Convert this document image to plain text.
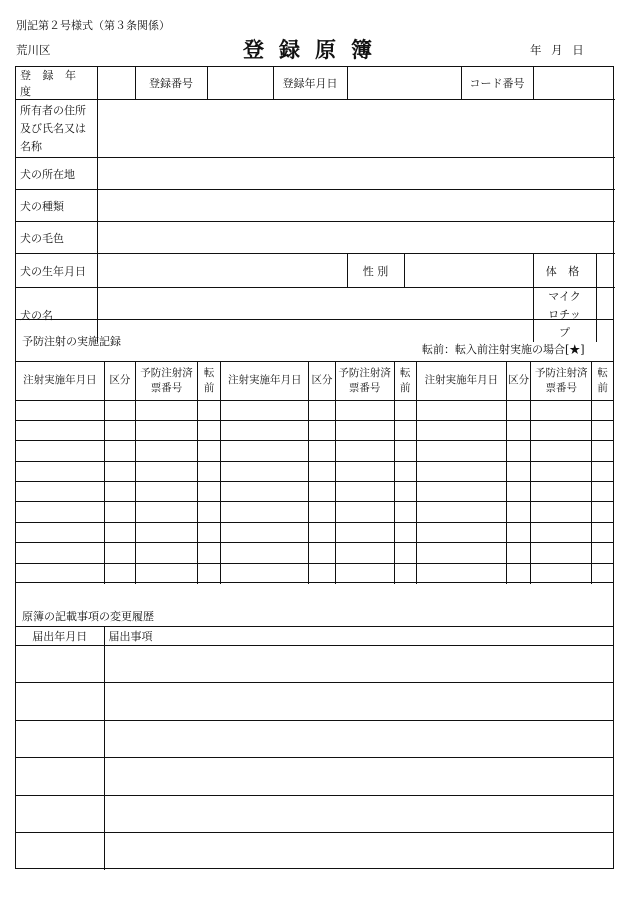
別記第２号様式（第３条関係）
荒川区	登録原簿	年 月 日
登 録 年 度		登録番号		登録年月日			コード番号		
所有者の住所及び氏名又は名称									
犬の所在地									
犬の種類									
犬の毛色									
犬の生年月日					性 別			体 格	
犬の名								マイクロチップ	
予防注射の実施記録
転前：転入前注射実施の場合[★]
注射実施年月日	区分	予防注射済票番号	転前	注射実施年月日	区分	予防注射済票番号	転前	注射実施年月日	区分	予防注射済票番号	転前

原簿の記載事項の変更履歴
届出年月日	届出事項
